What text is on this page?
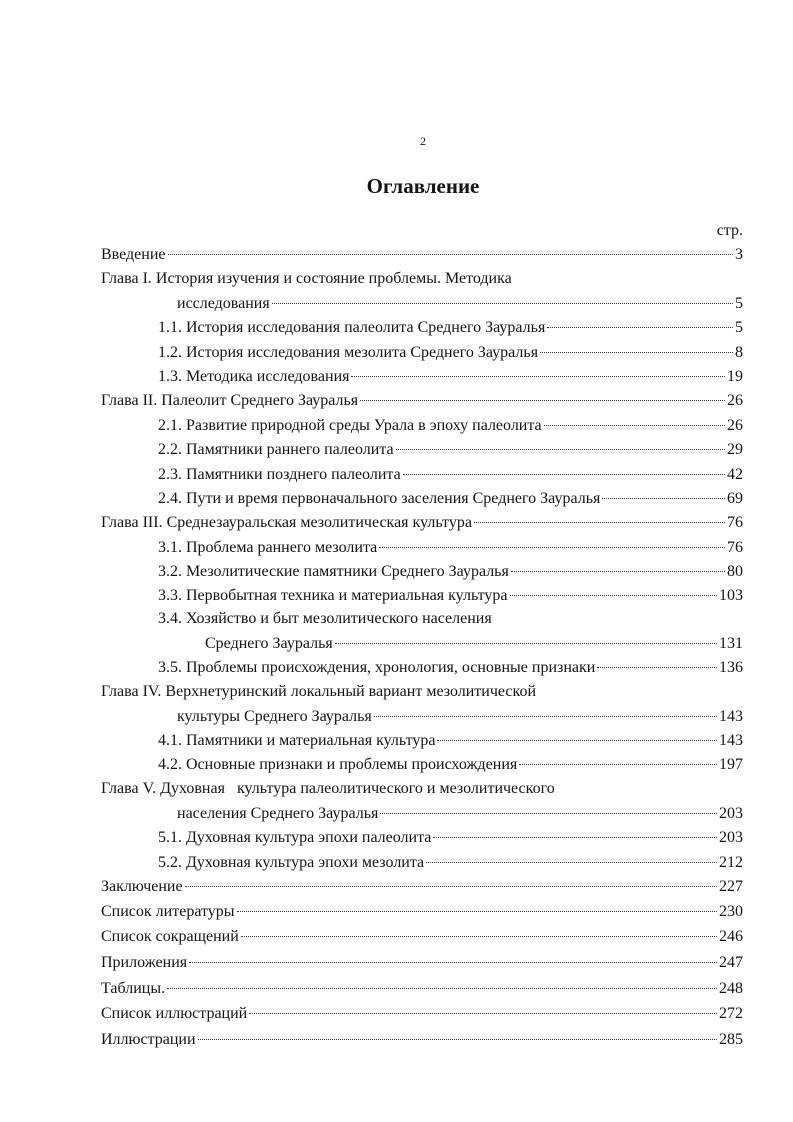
2
Оглавление
стр.
Введение	3
Глава I. История изучения и состояние проблемы. Методика
исследования	5
1.1. История исследования палеолита Среднего Зауралья	5
1.2. История исследования мезолита Среднего Зауралья	8
1.3. Методика исследования	19
Глава II. Палеолит Среднего Зауралья	26
2.1. Развитие природной среды Урала в эпоху палеолита	26
2.2. Памятники раннего палеолита	29
2.3. Памятники позднего палеолита	42
2.4. Пути и время первоначального заселения Среднего Зауралья	69
Глава III. Среднезауральская мезолитическая культура	76
3.1. Проблема раннего мезолита	76
3.2. Мезолитические памятники Среднего Зауралья	80
3.3. Первобытная техника и материальная культура	103
3.4. Хозяйство и быт мезолитического населения
Среднего Зауралья	131
3.5. Проблемы происхождения, хронология, основные признаки	136
Глава IV. Верхнетуринский локальный вариант мезолитической
культуры Среднего Зауралья	143
4.1. Памятники и материальная культура	143
4.2. Основные признаки и проблемы происхождения	197
Глава V. Духовная   культура палеолитического и мезолитического
населения Среднего Зауралья	203
5.1. Духовная культура эпохи палеолита	203
5.2. Духовная культура эпохи мезолита	212
Заключение	227
Список литературы	230
Список сокращений	246
Приложения	247
Таблицы.	248
Список иллюстраций	272
Иллюстрации	285
